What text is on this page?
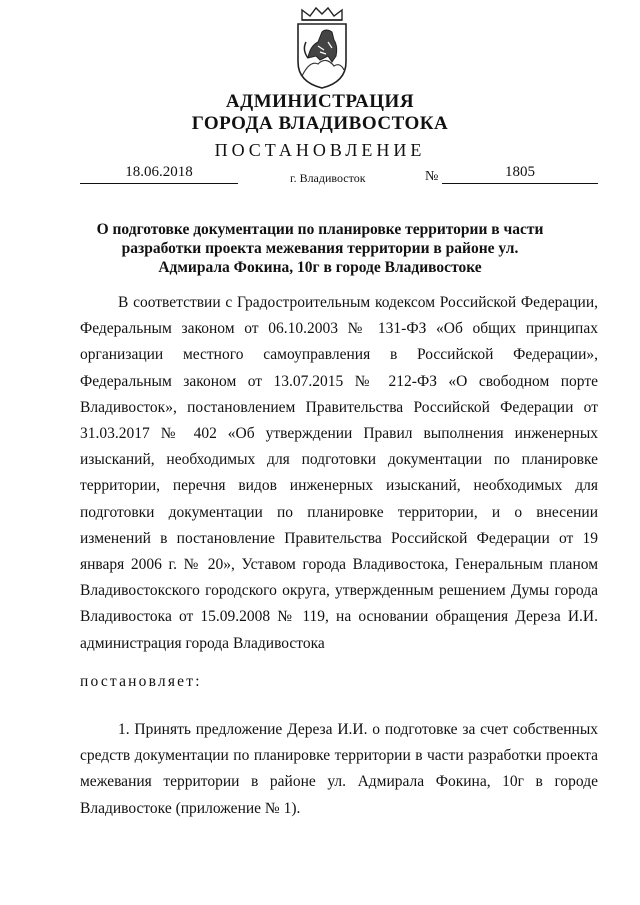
АДМИНИСТРАЦИЯ
ГОРОДА ВЛАДИВОСТОКА
ПОСТАНОВЛЕНИЕ
18.06.2018	г. Владивосток	№	1805
О подготовке документации по планировке территории в части разработки проекта межевания территории в районе ул. Адмирала Фокина, 10г в городе Владивостоке

В соответствии с Градостроительным кодексом Российской Федерации, Федеральным законом от 06.10.2003 № 131-ФЗ «Об общих принципах организации местного самоуправления в Российской Федерации», Федеральным законом от 13.07.2015 № 212-ФЗ «О свободном порте Владивосток», постановлением Правительства Российской Федерации от 31.03.2017 № 402 «Об утверждении Правил выполнения инженерных изысканий, необходимых для подготовки документации по планировке территории, перечня видов инженерных изысканий, необходимых для подготовки документации по планировке территории, и о внесении изменений в постановление Правительства Российской Федерации от 19 января 2006 г. № 20», Уставом города Владивостока, Генеральным планом Владивостокского городского округа, утвержденным решением Думы города Владивостока от 15.09.2008 № 119, на основании обращения Дереза И.И. администрация города Владивостока

постановляет:

1. Принять предложение Дереза И.И. о подготовке за счет собственных средств документации по планировке территории в части разработки проекта межевания территории в районе ул. Адмирала Фокина, 10г в городе Владивостоке (приложение № 1).
